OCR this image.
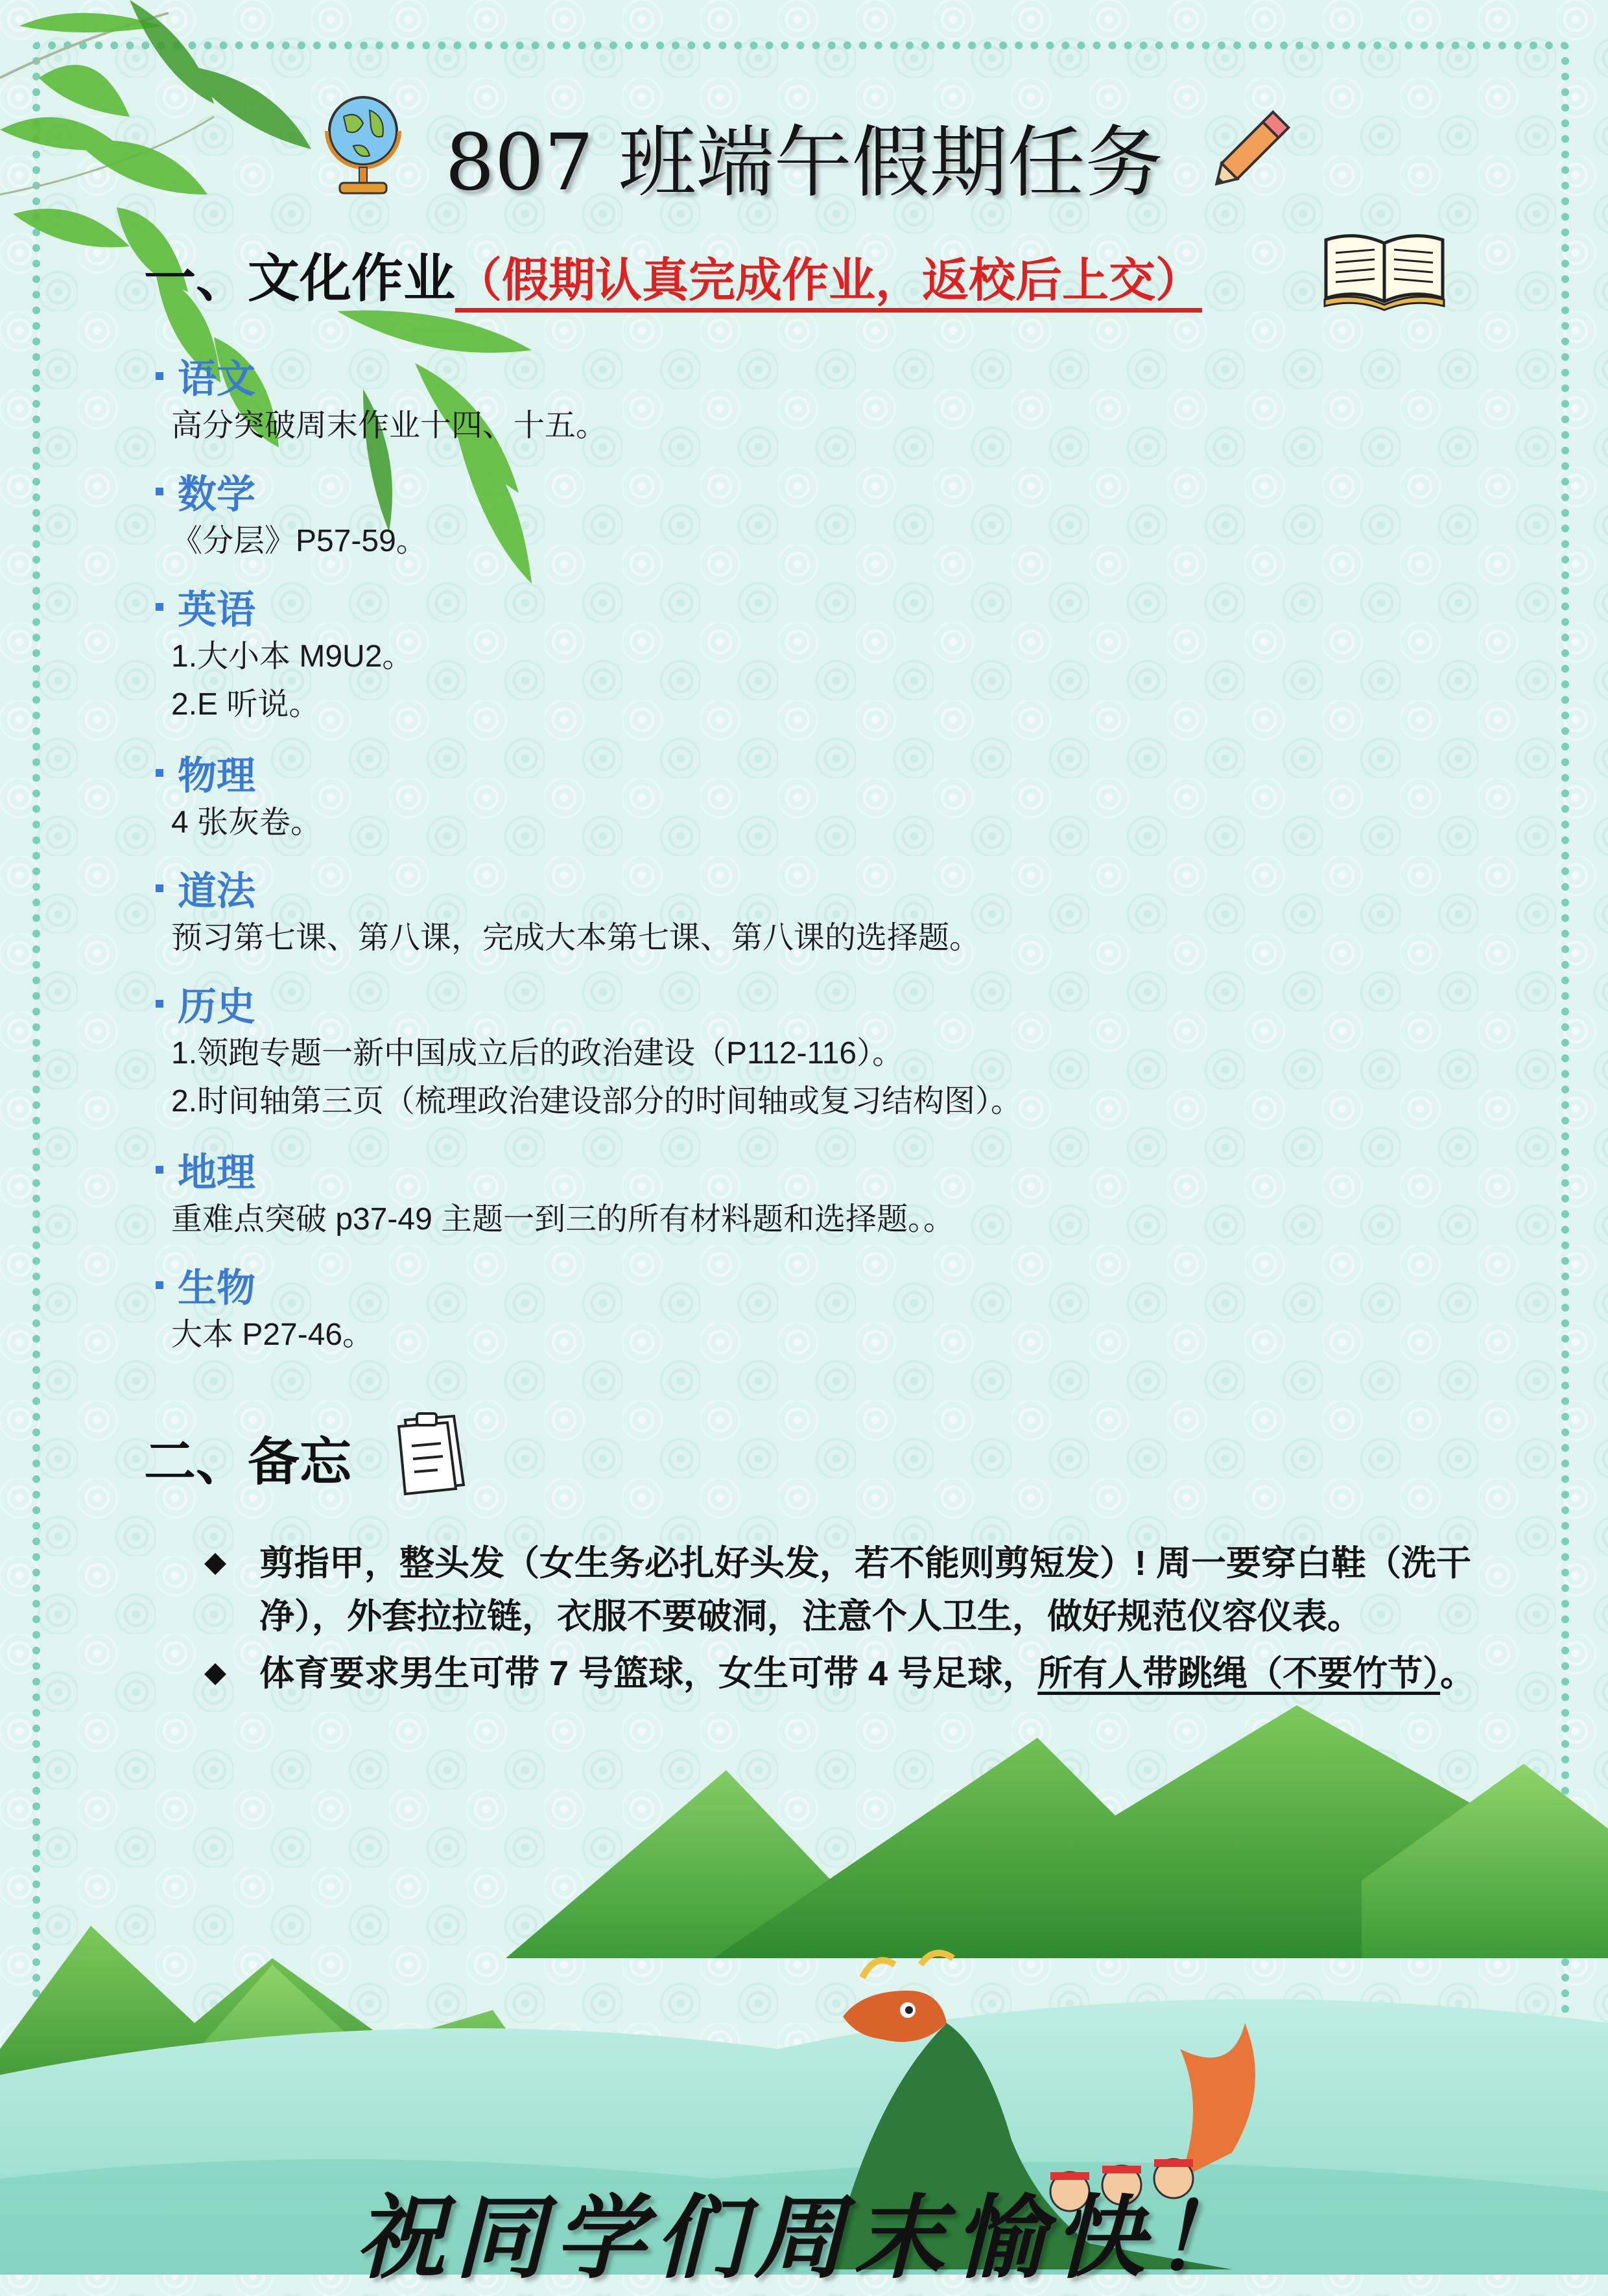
807 班端午假期任务
一、文化作业（假期认真完成作业，返校后上交）
语文
高分突破周末作业十四、十五。
数学
《分层》P57-59。
英语
1.大小本 M9U2。
2.E 听说。
物理
4 张灰卷。
道法
预习第七课、第八课，完成大本第七课、第八课的选择题。
历史
1.领跑专题一新中国成立后的政治建设（P112-116）。
2.时间轴第三页（梳理政治建设部分的时间轴或复习结构图）。
地理
重难点突破 p37-49 主题一到三的所有材料题和选择题。。
生物
大本 P27-46。
二、备忘
剪指甲，整头发（女生务必扎好头发，若不能则剪短发）! 周一要穿白鞋（洗干净），外套拉拉链，衣服不要破洞，注意个人卫生，做好规范仪容仪表。
体育要求男生可带 7 号篮球，女生可带 4 号足球，所有人带跳绳（不要竹节）。
祝同学们周末愉快！
